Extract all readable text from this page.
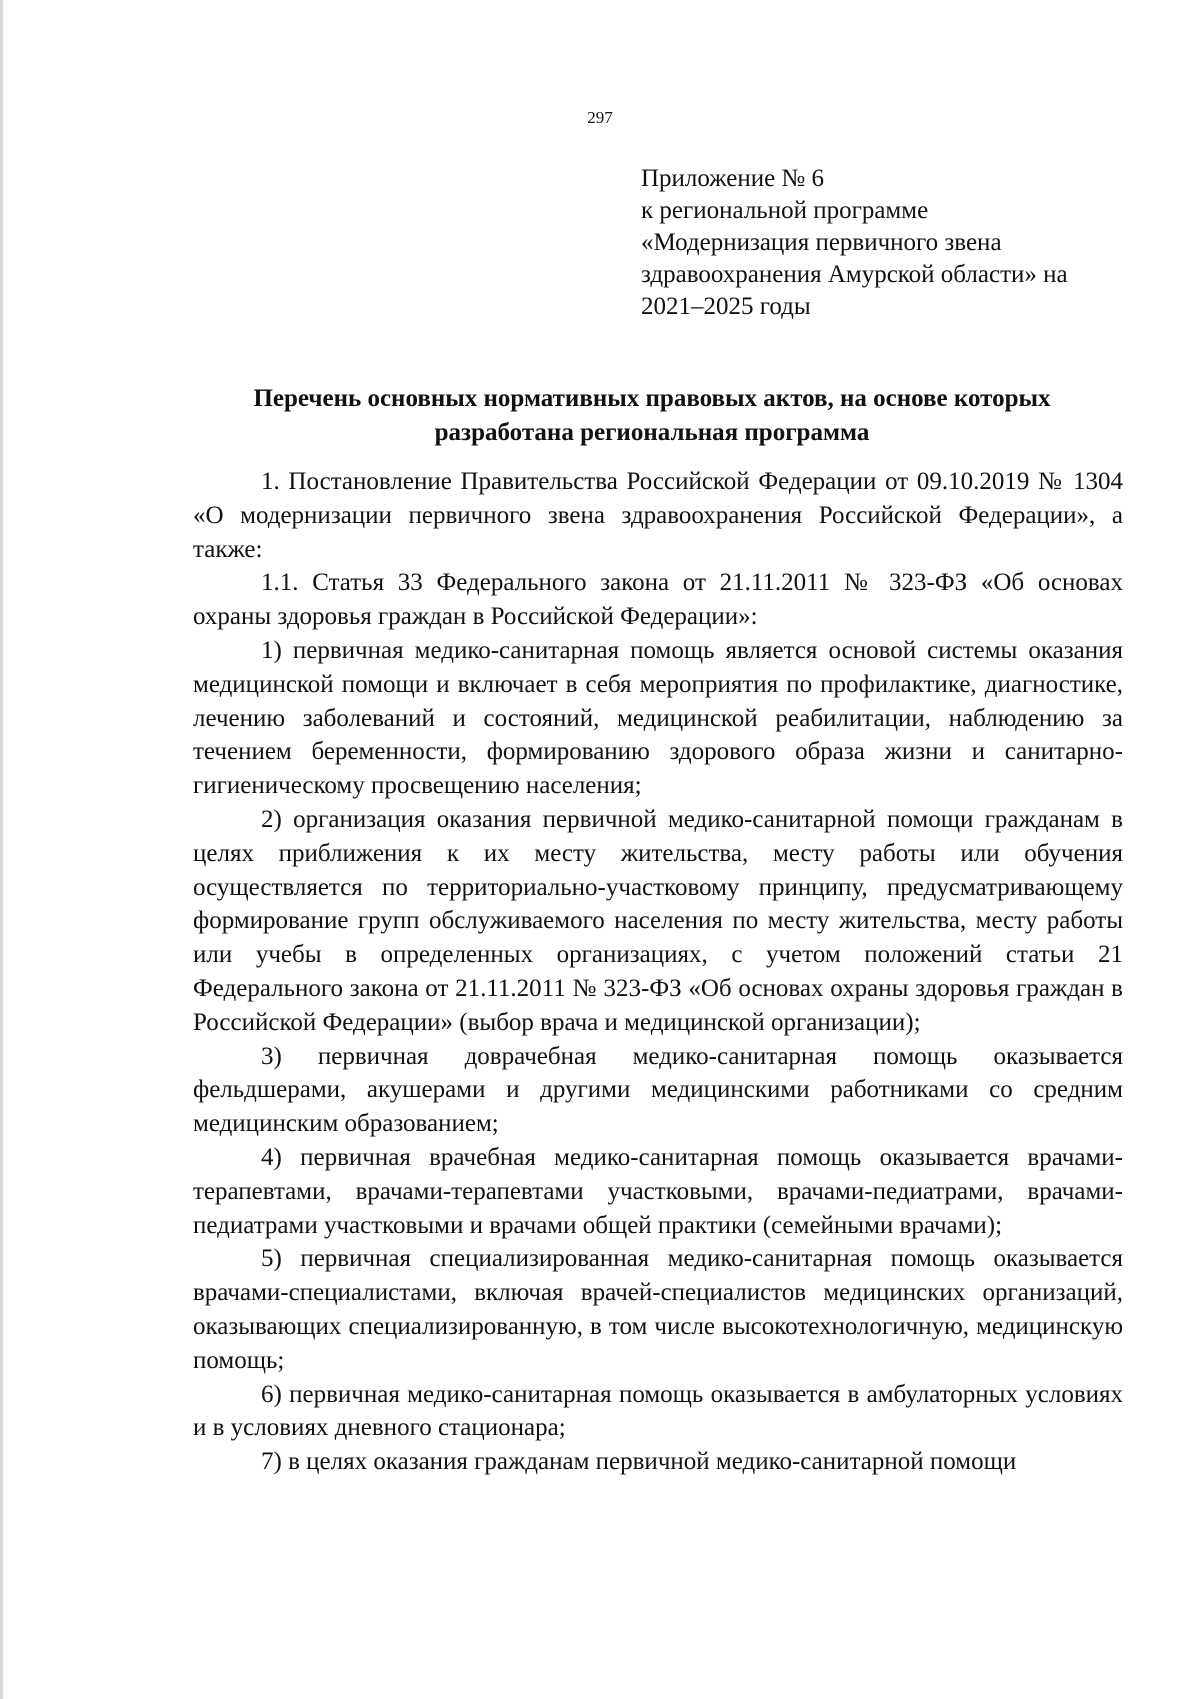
297
Приложение № 6
к региональной программе
«Модернизация первичного звена
здравоохранения Амурской области» на
2021–2025 годы
Перечень основных нормативных правовых актов, на основе которых
разработана региональная программа

1. Постановление Правительства Российской Федерации от 09.10.2019 № 1304 «О модернизации первичного звена здравоохранения Российской Федерации», а также:

1.1. Статья 33 Федерального закона от 21.11.2011 № 323-ФЗ «Об основах охраны здоровья граждан в Российской Федерации»:

1) первичная медико-санитарная помощь является основой системы оказания медицинской помощи и включает в себя мероприятия по профилактике, диагностике, лечению заболеваний и состояний, медицинской реабилитации, наблюдению за течением беременности, формированию здорового образа жизни и санитарно-гигиеническому просвещению населения;

2) организация оказания первичной медико-санитарной помощи гражданам в целях приближения к их месту жительства, месту работы или обучения осуществляется по территориально-участковому принципу, предусматривающему формирование групп обслуживаемого населения по месту жительства, месту работы или учебы в определенных организациях, с учетом положений статьи 21 Федерального закона от 21.11.2011 № 323-ФЗ «Об основах охраны здоровья граждан в Российской Федерации» (выбор врача и медицинской организации);

3) первичная доврачебная медико-санитарная помощь оказывается фельдшерами, акушерами и другими медицинскими работниками со средним медицинским образованием;

4) первичная врачебная медико-санитарная помощь оказывается врачами-терапевтами, врачами-терапевтами участковыми, врачами-педиатрами, врачами-педиатрами участковыми и врачами общей практики (семейными врачами);

5) первичная специализированная медико-санитарная помощь оказывается врачами-специалистами, включая врачей-специалистов медицинских организаций, оказывающих специализированную, в том числе высокотехнологичную, медицинскую помощь;

6) первичная медико-санитарная помощь оказывается в амбулаторных условиях и в условиях дневного стационара;

7) в целях оказания гражданам первичной медико-санитарной помощи
